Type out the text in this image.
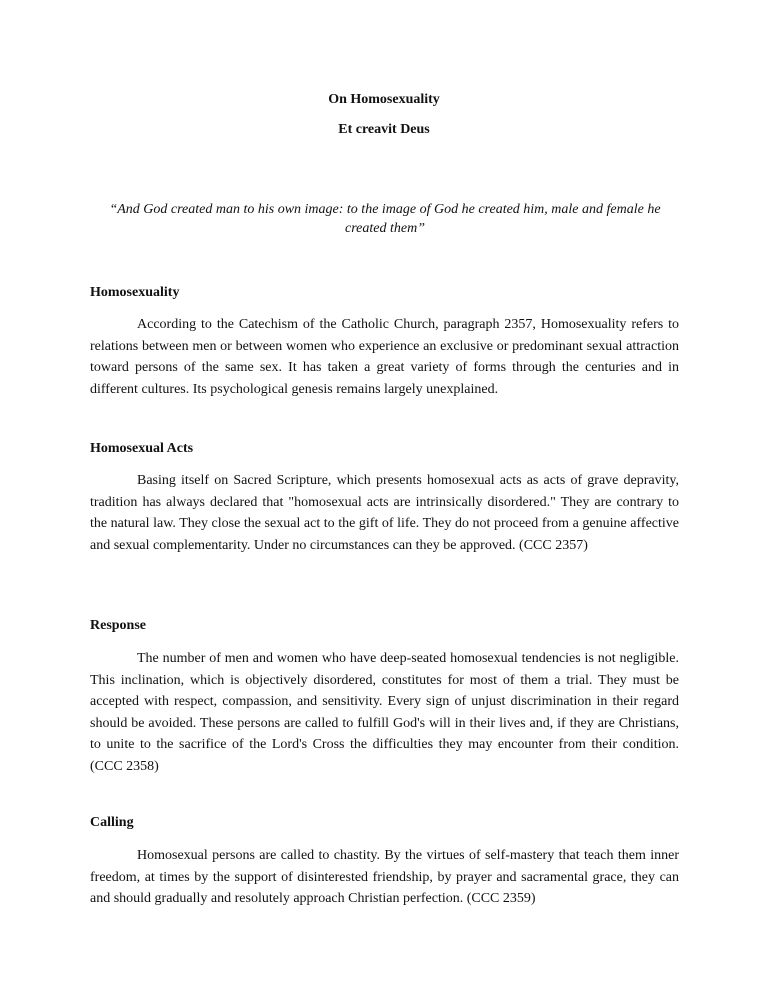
On Homosexuality
Et creavit Deus
“And God created man to his own image: to the image of God he created him, male and female he created them”
Homosexuality
According to the Catechism of the Catholic Church, paragraph 2357, Homosexuality refers to relations between men or between women who experience an exclusive or predominant sexual attraction toward persons of the same sex. It has taken a great variety of forms through the centuries and in different cultures. Its psychological genesis remains largely unexplained.
Homosexual Acts
Basing itself on Sacred Scripture, which presents homosexual acts as acts of grave depravity, tradition has always declared that "homosexual acts are intrinsically disordered." They are contrary to the natural law. They close the sexual act to the gift of life. They do not proceed from a genuine affective and sexual complementarity. Under no circumstances can they be approved. (CCC 2357)
Response
The number of men and women who have deep-seated homosexual tendencies is not negligible. This inclination, which is objectively disordered, constitutes for most of them a trial. They must be accepted with respect, compassion, and sensitivity. Every sign of unjust discrimination in their regard should be avoided. These persons are called to fulfill God's will in their lives and, if they are Christians, to unite to the sacrifice of the Lord's Cross the difficulties they may encounter from their condition. (CCC 2358)
Calling
Homosexual persons are called to chastity. By the virtues of self-mastery that teach them inner freedom, at times by the support of disinterested friendship, by prayer and sacramental grace, they can and should gradually and resolutely approach Christian perfection. (CCC 2359)
